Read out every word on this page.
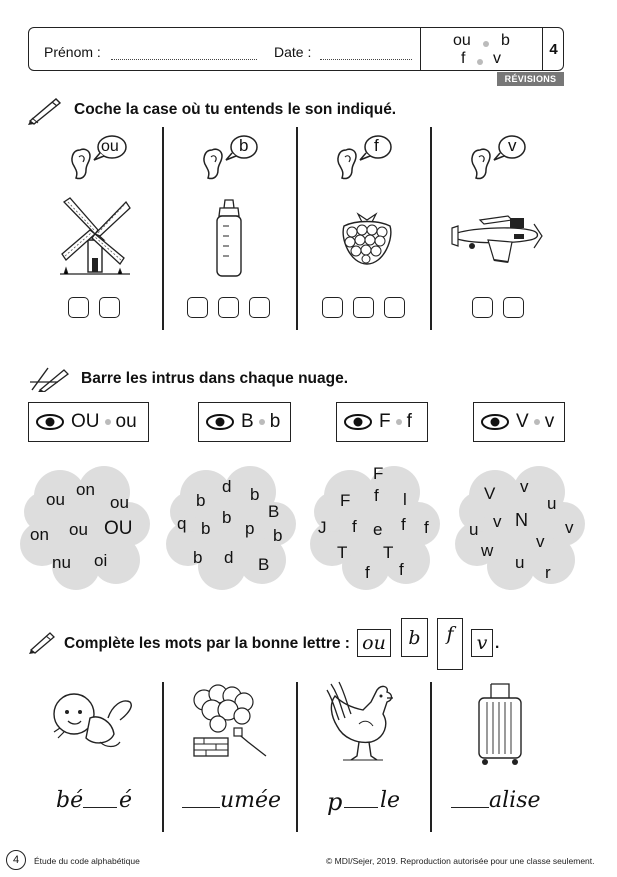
Prénom :	Date :
ou b
f v
4
RÉVISIONS
Coche la case où tu entends le son indiqué.
ou	b	f	v
Barre les intrus dans chaque nuage.
OU ou	B b	F f	V v
ou
on
ou
on ou OU
nu oi
d
b	b
B
q b
b p b
b d B
F
F f l
J f e f f
T T
f f
V v
u
u v N v
w	v
u
r
Complète les mots par la bonne lettre : ou	b	f	v .
bé é	umée p le	alise
4	Étude du code alphabétique	© MDI/Sejer, 2019. Reproduction autorisée pour une classe seulement.
